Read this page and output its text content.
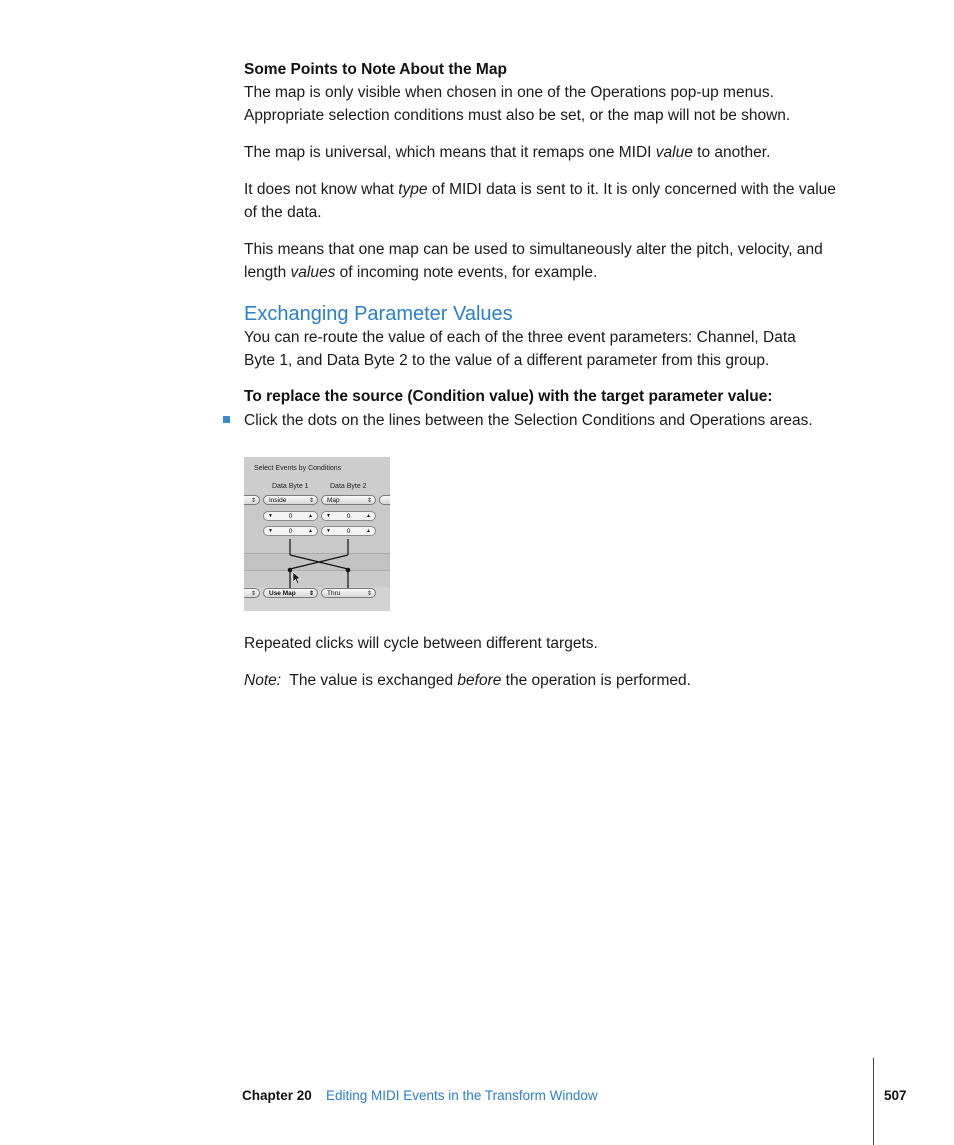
Some Points to Note About the Map
The map is only visible when chosen in one of the Operations pop-up menus.
Appropriate selection conditions must also be set, or the map will not be shown.
The map is universal, which means that it remaps one MIDI value to another.
It does not know what type of MIDI data is sent to it. It is only concerned with the value
of the data.
This means that one map can be used to simultaneously alter the pitch, velocity, and
length values of incoming note events, for example.
Exchanging Parameter Values
You can re-route the value of each of the three event parameters: Channel, Data
Byte 1, and Data Byte 2 to the value of a different parameter from this group.
To replace the source (Condition value) with the target parameter value:
Click the dots on the lines between the Selection Conditions and Operations areas.
Select Events by Conditions
Data Byte 1	Data Byte 2
⇕	Inside	⇕	Map	⇕
▼ 0	▲	▼ 0	▲
▼ 0	▲	▼ 0	▲
⇕	Use Map ⇕	Thru	⇕
Repeated clicks will cycle between different targets.
Note:  The value is exchanged before the operation is performed.
Chapter 20 Editing MIDI Events in the Transform Window	507
